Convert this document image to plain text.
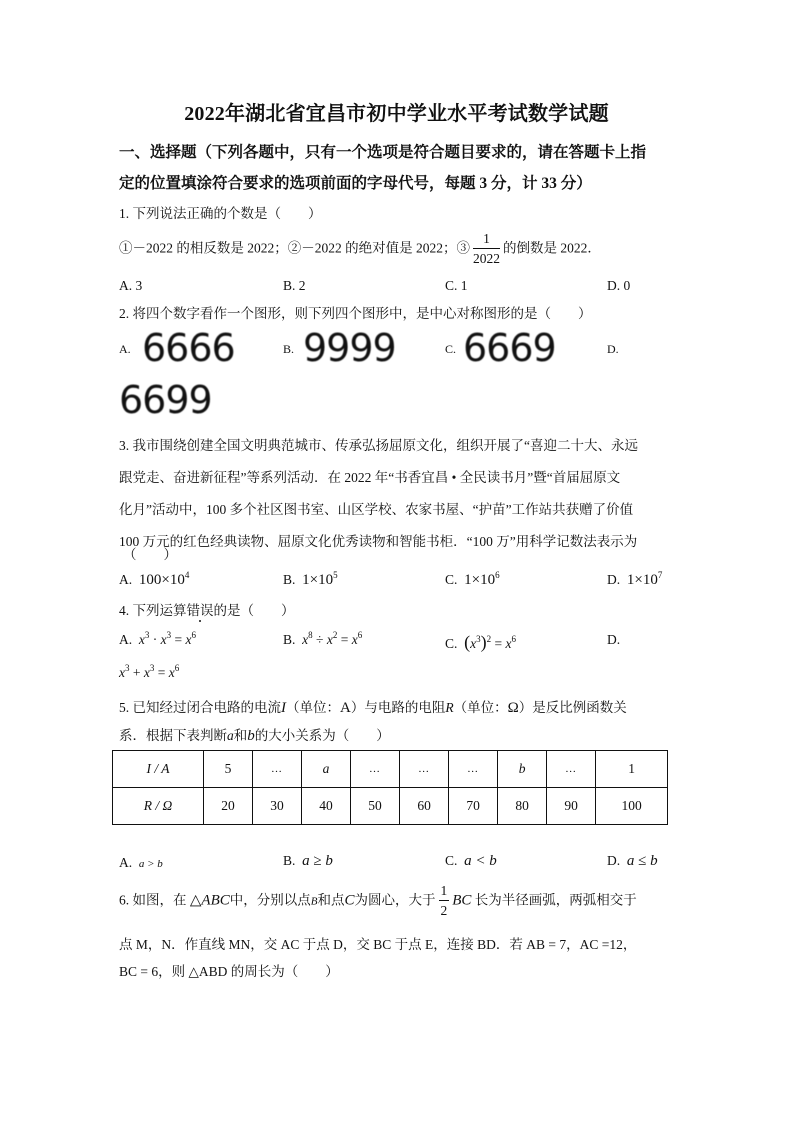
2022年湖北省宜昌市初中学业水平考试数学试题
一、选择题（下列各题中，只有一个选项是符合题目要求的，请在答题卡上指
定的位置填涂符合要求的选项前面的字母代号，每题 3 分，计 33 分）
1. 下列说法正确的个数是（　　）
①－2022 的相反数是 2022；②－2022 的绝对值是 2022；③ $\frac{1}{2022}$ 的倒数是 2022．
A. 3	B. 2	C. 1	D. 0
2. 将四个数字看作一个图形，则下列四个图形中，是中心对称图形的是（　　）
A. 6666	B. 9999	C. 6669	D.
6699
3. 我市围绕创建全国文明典范城市、传承弘扬屈原文化，组织开展了“喜迎二十大、永远
跟党走、奋进新征程”等系列活动．在 2022 年“书香宜昌 • 全民读书月”暨“首届屈原文
化月”活动中，100 多个社区图书室、山区学校、农家书屋、“护苗”工作站共获赠了价值
100 万元的红色经典读物、屈原文化优秀读物和智能书柜．“100 万”用科学记数法表示为
（　　）
A. $100\times 10^4$	B. $1\times 10^5$	C. $1\times 10^6$	D. $1\times 10^7$
4. 下列运算错误的是（　　）
A. $x^3 \cdot x^3 = x^6$	B. $x^8 \div x^2 = x^6$
C. $(x^3)^2 = x^6$	D.
$x^3 + x^3 = x^6$
5. 已知经过闭合电路的电流I（单位：A）与电路的电阻R（单位：Ω）是反比例函数关
系．根据下表判断a和b的大小关系为（　　）
I / A	5	…	a	…	…	…	b	…	1
R / Ω	20	30	40	50	60	70	80	90	100
A. a > b	B. a ≥ b	C. a < b	D. a ≤ b
6. 如图，在 △ABC中，分别以点B和点C为圆心，大于 $\frac{1}{2}$ BC 长为半径画弧，两弧相交于
点 M，N．作直线 MN，交 AC 于点 D，交 BC 于点 E，连接 BD．若 AB = 7，AC =12，
BC = 6，则 △ABD 的周长为（　　）
